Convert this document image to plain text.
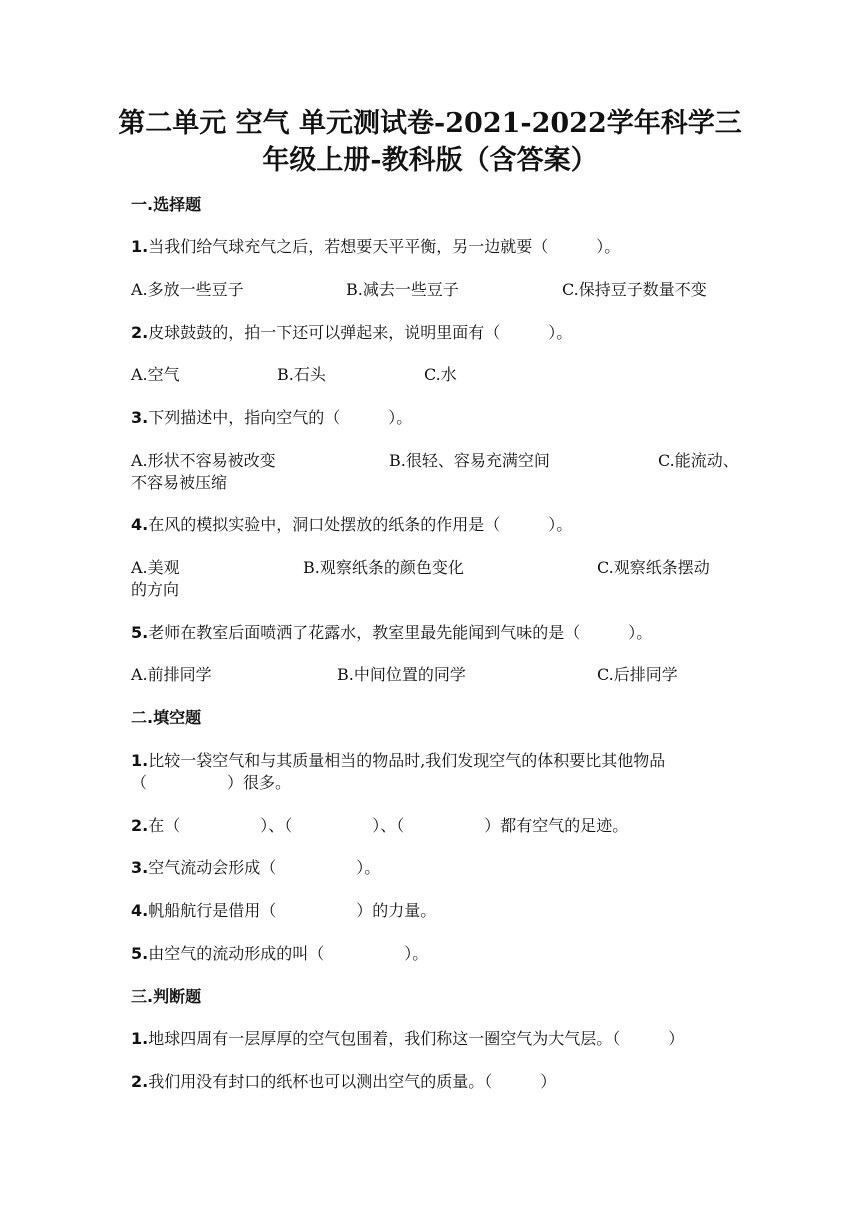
第二单元 空气 单元测试卷-2021-2022学年科学三
年级上册-教科版（含答案）
一.选择题
1.当我们给气球充气之后，若想要天平平衡，另一边就要（　　　）。
A.多放一些豆子	B.减去一些豆子	C.保持豆子数量不变
2.皮球鼓鼓的，拍一下还可以弹起来，说明里面有（　　　）。
A.空气	B.石头	C.水
3.下列描述中，指向空气的（　　　）。
A.形状不容易被改变	B.很轻、容易充满空间	C.能流动、
不容易被压缩
4.在风的模拟实验中，洞口处摆放的纸条的作用是（　　　）。
A.美观	B.观察纸条的颜色变化	C.观察纸条摆动
的方向
5.老师在教室后面喷洒了花露水，教室里最先能闻到气味的是（　　　）。
A.前排同学	B.中间位置的同学	C.后排同学
二.填空题
1.比较一袋空气和与其质量相当的物品时,我们发现空气的体积要比其他物品
（　　　　　）很多。
2.在（　　　　　）、（　　　　　）、（　　　　　）都有空气的足迹。
3.空气流动会形成（　　　　　）。
4.帆船航行是借用（　　　　　）的力量。
5.由空气的流动形成的叫（　　　　　）。
三.判断题
1.地球四周有一层厚厚的空气包围着，我们称这一圈空气为大气层。（　　　）
2.我们用没有封口的纸杯也可以测出空气的质量。（　　　）
